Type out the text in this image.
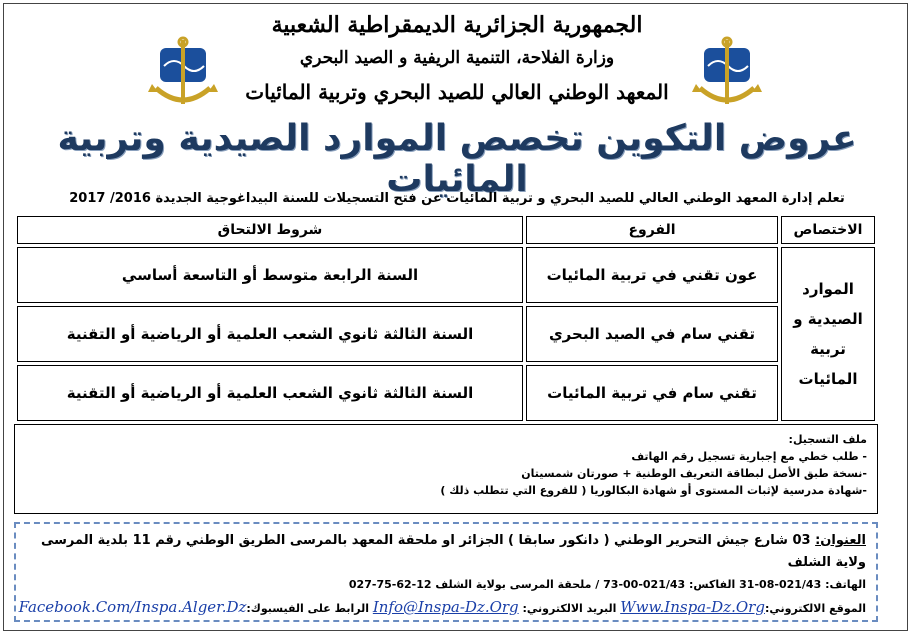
الجمهورية الجزائرية الديمقراطية الشعبية
وزارة الفلاحة، التنمية الريفية و الصيد البحري
المعهد الوطني العالي للصيد البحري وتربية المائيات
عروض التكوين تخصص الموارد الصيدية وتربية المائيات
تعلم إدارة المعهد الوطني العالي للصيد البحري و تربية المائيات عن فتح التسجيلات للسنة البيداغوجية الجديدة 2016/ 2017
الاختصاص	الفروع	شروط الالتحاق

الموارد
الصيدية و
تربية
المائيات	عون تقني في تربية المائيات	السنة الرابعة متوسط أو التاسعة أساسي
	تقني سام في الصيد البحري	السنة الثالثة ثانوي الشعب العلمية أو الرياضية أو التقنية
	تقني سام في تربية المائيات	السنة الثالثة ثانوي الشعب العلمية أو الرياضية أو التقنية
ملف التسجيل:
- طلب خطي مع إجبارية تسجيل رقم الهاتف
-نسخة طبق الأصل لبطاقة التعريف الوطنية + صورتان شمسيتان
-شهادة مدرسية لإثبات المستوى أو شهادة البكالوريا ( للفروع التي تتطلب ذلك )
العنوان: 03 شارع جيش التحرير الوطني ( دانكور سابقا ) الجزائر او ملحقة المعهد بالمرسى الطريق الوطني رقم 11 بلدية المرسى ولاية الشلف
الهاتف: 021/43-08-31 الفاكس: 021/43-00-73 / ملحقة المرسى بولاية الشلف 12-62-75-027
الموقع الالكتروني:Www.Inspa-Dz.Org البريد الالكتروني: Info@Inspa-Dz.Org الرابط على الفيسبوك:Facebook.Com/Inspa.Alger.Dz
